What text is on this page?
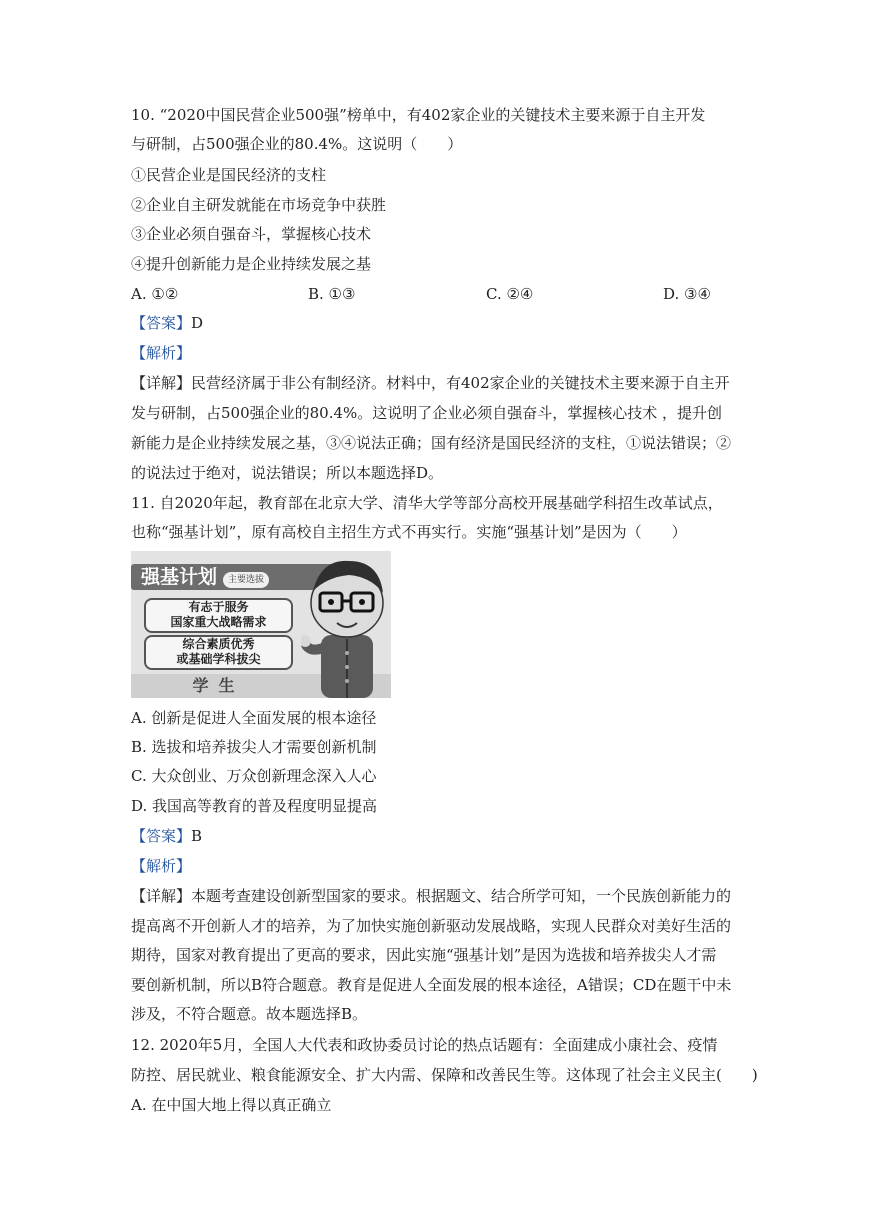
10. “2020中国民营企业500强”榜单中，有402家企业的关键技术主要来源于自主开发
与研制，占500强企业的80.4%。这说明（　　）
①民营企业是国民经济的支柱
②企业自主研发就能在市场竞争中获胜
③企业必须自强奋斗，掌握核心技术
④提升创新能力是企业持续发展之基
A. ①②	B. ①③	C. ②④	D. ③④
【答案】D
【解析】
【详解】民营经济属于非公有制经济。材料中，有402家企业的关键技术主要来源于自主开
发与研制，占500强企业的80.4%。这说明了企业必须自强奋斗，掌握核心技术 ，提升创
新能力是企业持续发展之基，③④说法正确；国有经济是国民经济的支柱，①说法错误；②
的说法过于绝对，说法错误；所以本题选择D。
11. 自2020年起，教育部在北京大学、清华大学等部分高校开展基础学科招生改革试点，
也称“强基计划”，原有高校自主招生方式不再实行。实施“强基计划”是因为（　　）
强基计划	主要选拔
有志于服务
国家重大战略需求
综合素质优秀
或基础学科拔尖
学生
A. 创新是促进人全面发展的根本途径
B. 选拔和培养拔尖人才需要创新机制
C. 大众创业、万众创新理念深入人心
D. 我国高等教育的普及程度明显提高
【答案】B
【解析】
【详解】本题考查建设创新型国家的要求。根据题文、结合所学可知，一个民族创新能力的
提高离不开创新人才的培养，为了加快实施创新驱动发展战略，实现人民群众对美好生活的
期待，国家对教育提出了更高的要求，因此实施“强基计划”是因为选拔和培养拔尖人才需
要创新机制，所以B符合题意。教育是促进人全面发展的根本途径，A错误；CD在题干中未
涉及，不符合题意。故本题选择B。
12. 2020年5月，全国人大代表和政协委员讨论的热点话题有：全面建成小康社会、疫情
防控、居民就业、粮食能源安全、扩大内需、保障和改善民生等。这体现了社会主义民主(　　)
A. 在中国大地上得以真正确立
